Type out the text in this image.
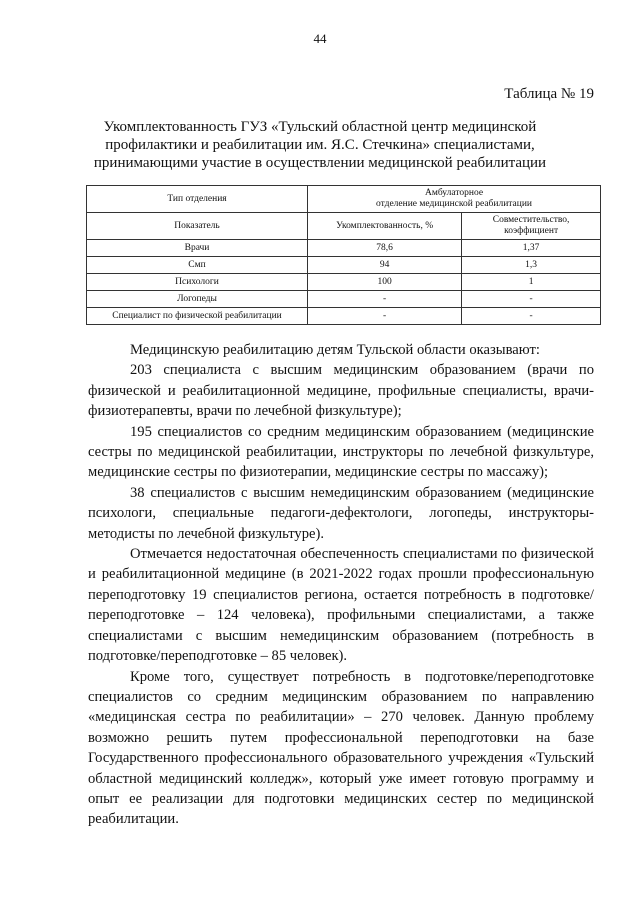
44
Таблица № 19
Укомплектованность ГУЗ «Тульский областной центр медицинской
профилактики и реабилитации им. Я.С. Стечкина» специалистами,
принимающими участие в осуществлении медицинской реабилитации
Тип отделения	Амбулаторное
отделение медицинской реабилитации	

Показатель	Укомплектованность, %	Совместительство,
коэффициент

Врачи	78,6	1,37
Смп	94	1,3
Психологи	100	1
Логопеды	-	-
Специалист по физической реабилитации	-	-

Медицинскую реабилитацию детям Тульской области оказывают:

203 специалиста с высшим медицинским образованием (врачи по физической и реабилитационной медицине, профильные специалисты, врачи-физиотерапевты, врачи по лечебной физкультуре);

195 специалистов со средним медицинским образованием (медицинские сестры по медицинской реабилитации, инструкторы по лечебной физкультуре, медицинские сестры по физиотерапии, медицинские сестры по массажу);

38 специалистов с высшим немедицинским образованием (медицинские психологи, специальные педагоги-дефектологи, логопеды, инструкторы-методисты по лечебной физкультуре).

Отмечается недостаточная обеспеченность специалистами по физической и реабилитационной медицине (в 2021-2022 годах прошли профессиональную переподготовку 19 специалистов региона, остается потребность в подготовке/переподготовке – 124 человека), профильными специалистами, а также специалистами с высшим немедицинским образованием (потребность в подготовке/переподготовке – 85 человек).

Кроме того, существует потребность в подготовке/переподготовке специалистов со средним медицинским образованием по направлению «медицинская сестра по реабилитации» – 270 человек. Данную проблему возможно решить путем профессиональной переподготовки на базе Государственного профессионального образовательного учреждения «Тульский областной медицинский колледж», который уже имеет готовую программу и опыт ее реализации для подготовки медицинских сестер по медицинской реабилитации.
